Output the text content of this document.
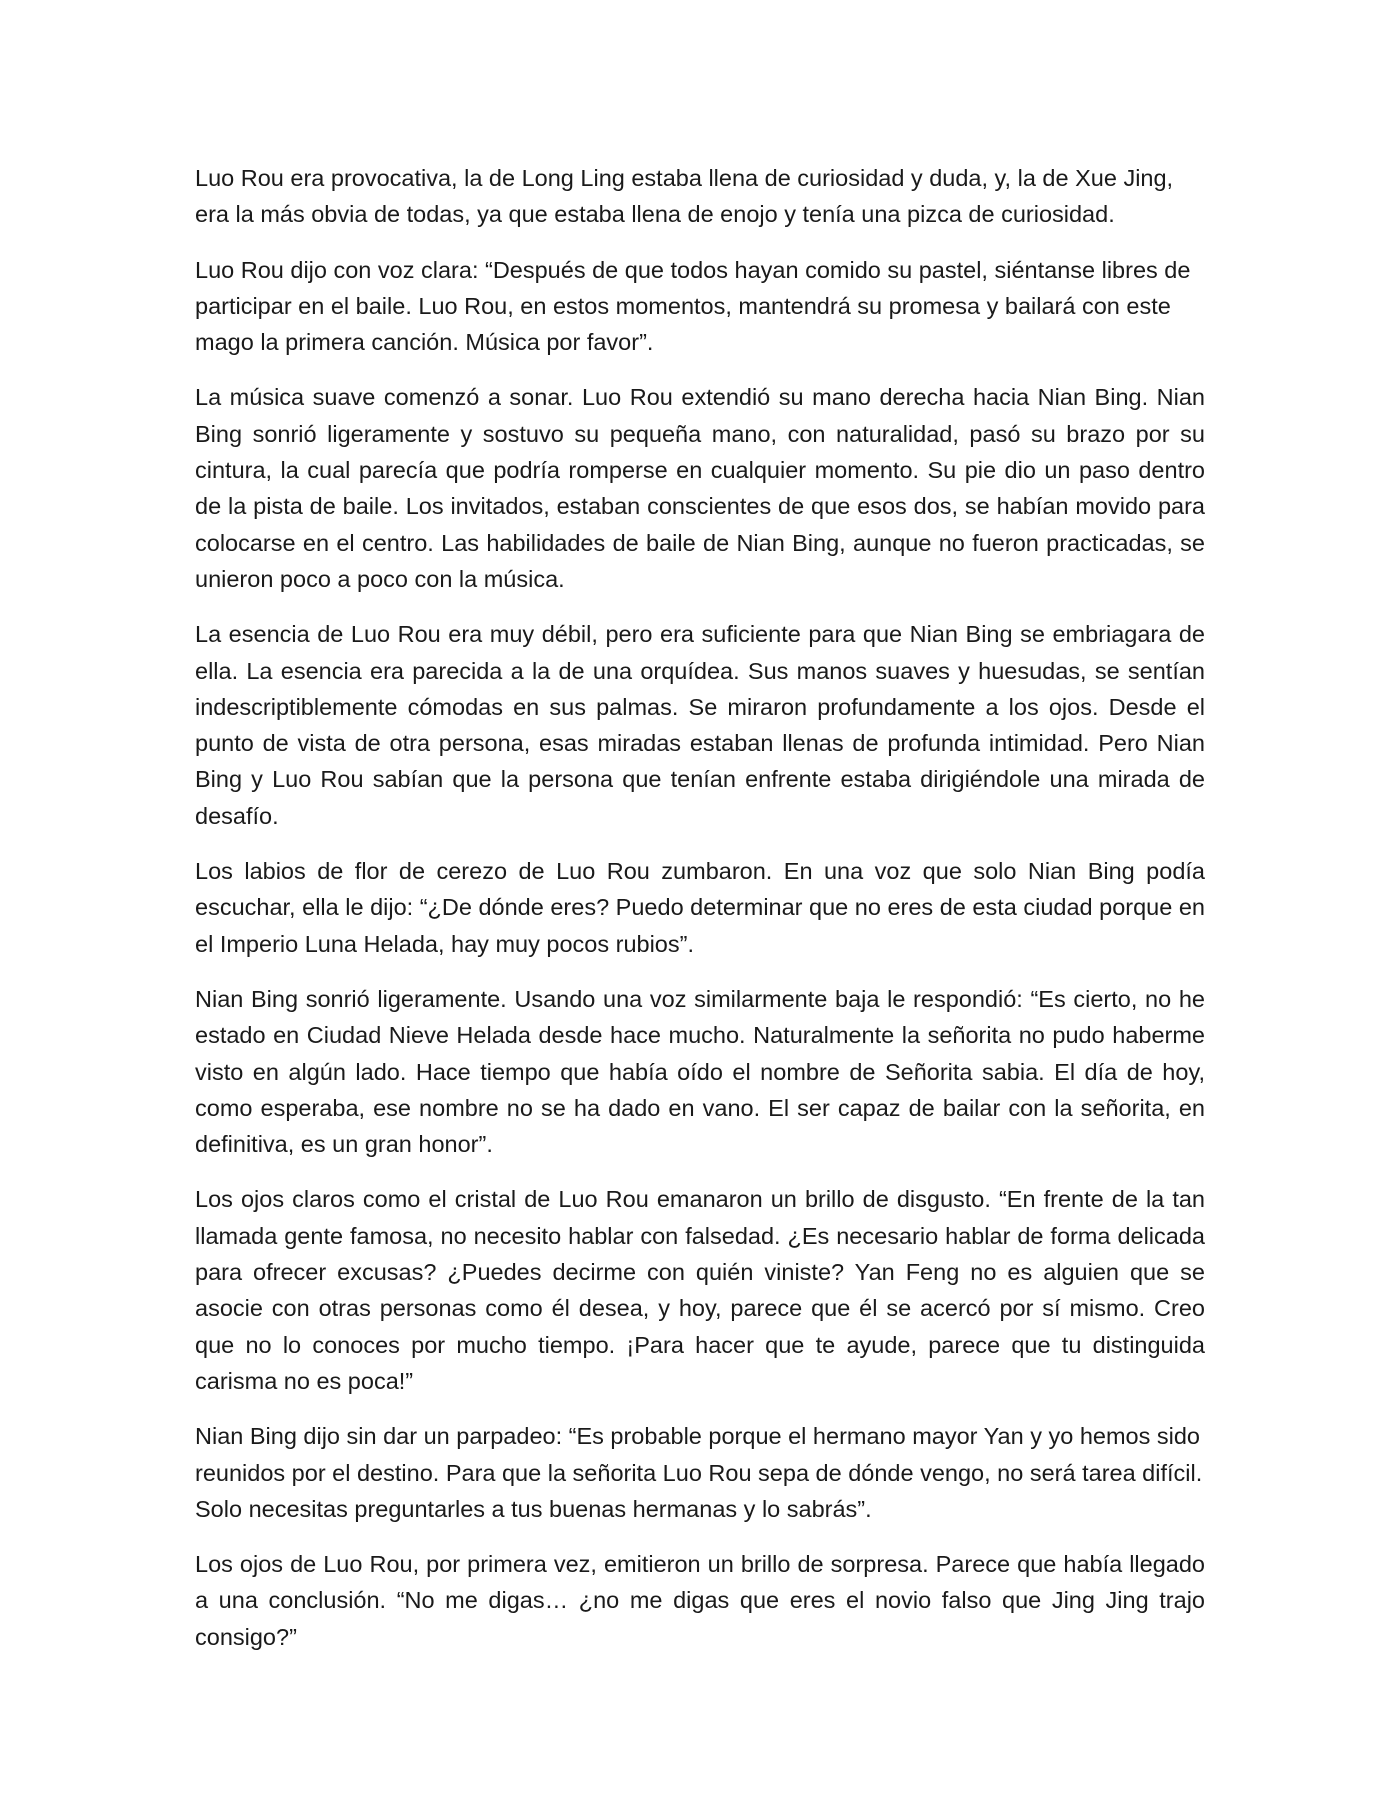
Luo Rou era provocativa, la de Long Ling estaba llena de curiosidad y duda, y, la de Xue Jing, era la más obvia de todas, ya que estaba llena de enojo y tenía una pizca de curiosidad.

Luo Rou dijo con voz clara: “Después de que todos hayan comido su pastel, siéntanse libres de participar en el baile. Luo Rou, en estos momentos, mantendrá su promesa y bailará con este mago la primera canción. Música por favor”.

La música suave comenzó a sonar. Luo Rou extendió su mano derecha hacia Nian Bing. Nian Bing sonrió ligeramente y sostuvo su pequeña mano, con naturalidad, pasó su brazo por su cintura, la cual parecía que podría romperse en cualquier momento. Su pie dio un paso dentro de la pista de baile. Los invitados, estaban conscientes de que esos dos, se habían movido para colocarse en el centro. Las habilidades de baile de Nian Bing, aunque no fueron practicadas, se unieron poco a poco con la música.

La esencia de Luo Rou era muy débil, pero era suficiente para que Nian Bing se embriagara de ella. La esencia era parecida a la de una orquídea. Sus manos suaves y huesudas, se sentían indescriptiblemente cómodas en sus palmas. Se miraron profundamente a los ojos. Desde el punto de vista de otra persona, esas miradas estaban llenas de profunda intimidad. Pero Nian Bing y Luo Rou sabían que la persona que tenían enfrente estaba dirigiéndole una mirada de desafío.

Los labios de flor de cerezo de Luo Rou zumbaron. En una voz que solo Nian Bing podía escuchar, ella le dijo: “¿De dónde eres? Puedo determinar que no eres de esta ciudad porque en el Imperio Luna Helada, hay muy pocos rubios”.

Nian Bing sonrió ligeramente. Usando una voz similarmente baja le respondió: “Es cierto, no he estado en Ciudad Nieve Helada desde hace mucho. Naturalmente la señorita no pudo haberme visto en algún lado. Hace tiempo que había oído el nombre de Señorita sabia. El día de hoy, como esperaba, ese nombre no se ha dado en vano. El ser capaz de bailar con la señorita, en definitiva, es un gran honor”.

Los ojos claros como el cristal de Luo Rou emanaron un brillo de disgusto. “En frente de la tan llamada gente famosa, no necesito hablar con falsedad. ¿Es necesario hablar de forma delicada para ofrecer excusas? ¿Puedes decirme con quién viniste? Yan Feng no es alguien que se asocie con otras personas como él desea, y hoy, parece que él se acercó por sí mismo. Creo que no lo conoces por mucho tiempo. ¡Para hacer que te ayude, parece que tu distinguida carisma no es poca!”

Nian Bing dijo sin dar un parpadeo: “Es probable porque el hermano mayor Yan y yo hemos sido reunidos por el destino. Para que la señorita Luo Rou sepa de dónde vengo, no será tarea difícil. Solo necesitas preguntarles a tus buenas hermanas y lo sabrás”.

Los ojos de Luo Rou, por primera vez, emitieron un brillo de sorpresa. Parece que había llegado a una conclusión. “No me digas… ¿no me digas que eres el novio falso que Jing Jing trajo consigo?”
